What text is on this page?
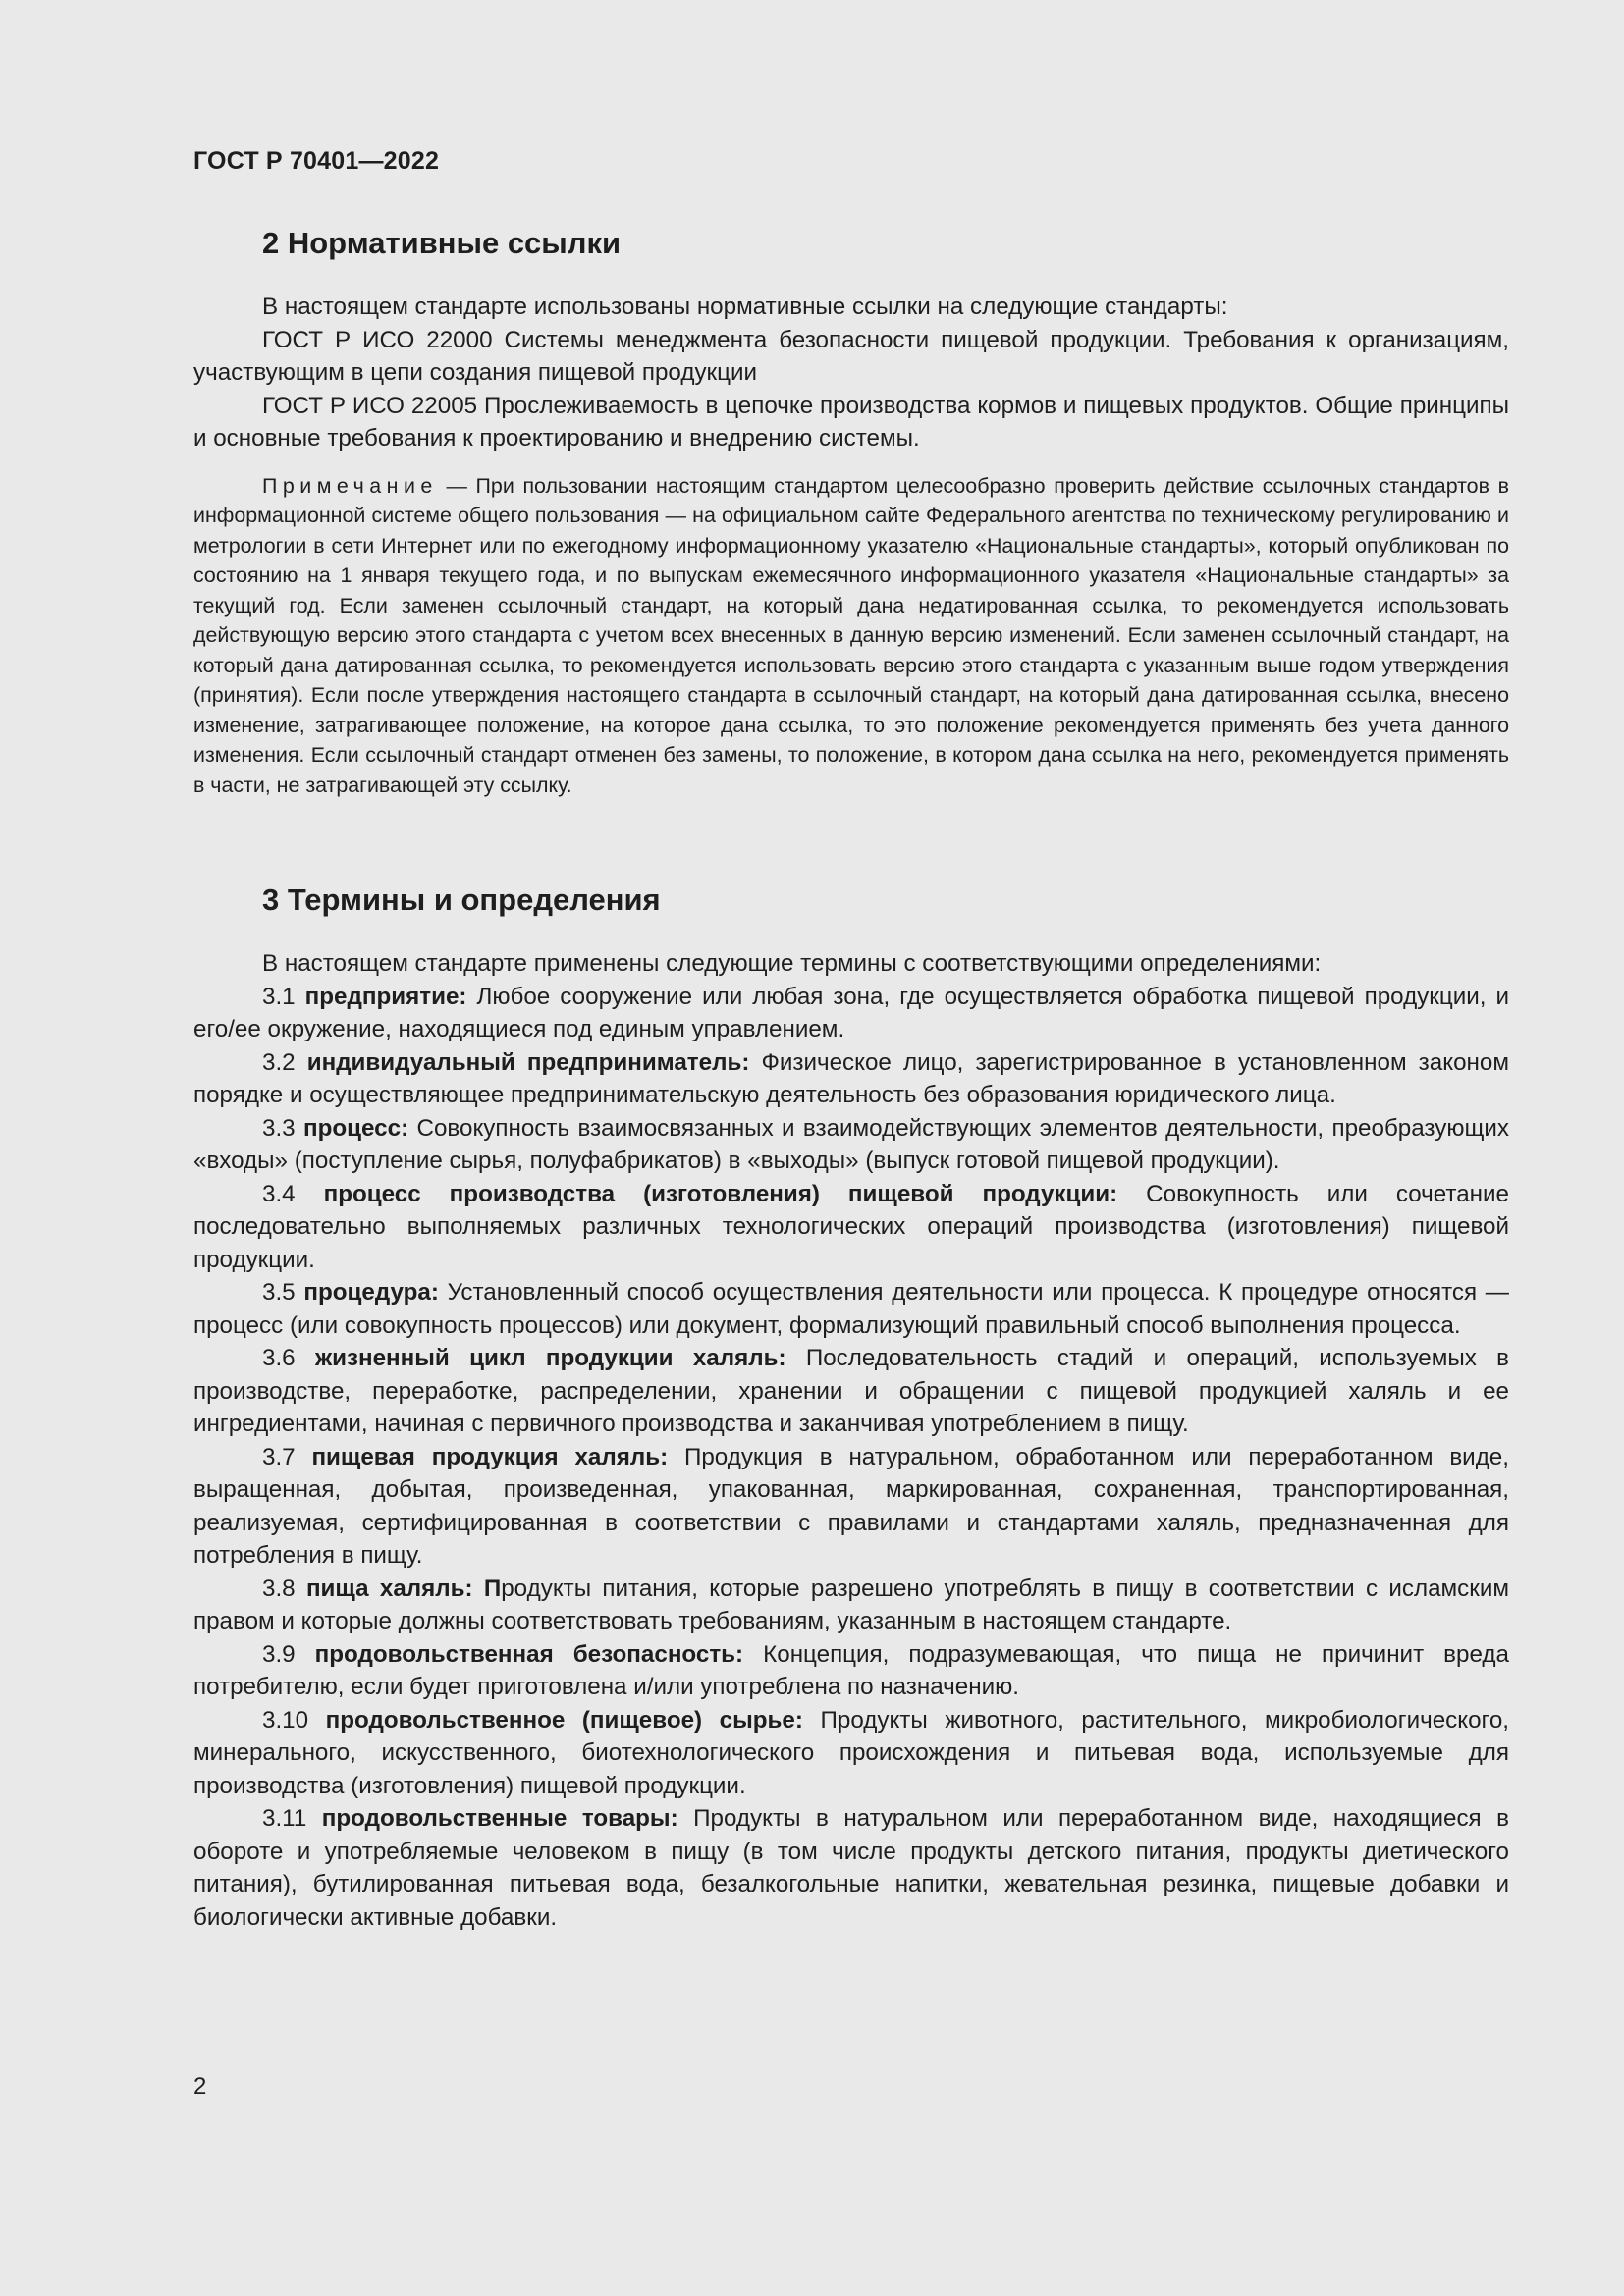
ГОСТ Р 70401—2022
2 Нормативные ссылки

В настоящем стандарте использованы нормативные ссылки на следующие стандарты:

ГОСТ Р ИСО 22000 Системы менеджмента безопасности пищевой продукции. Требования к организациям, участвующим в цепи создания пищевой продукции

ГОСТ Р ИСО 22005 Прослеживаемость в цепочке производства кормов и пищевых продуктов. Общие принципы и основные требования к проектированию и внедрению системы.

Примечание — При пользовании настоящим стандартом целесообразно проверить действие ссылочных стандартов в информационной системе общего пользования — на официальном сайте Федерального агентства по техническому регулированию и метрологии в сети Интернет или по ежегодному информационному указателю «Национальные стандарты», который опубликован по состоянию на 1 января текущего года, и по выпускам ежемесячного информационного указателя «Национальные стандарты» за текущий год. Если заменен ссылочный стандарт, на который дана недатированная ссылка, то рекомендуется использовать действующую версию этого стандарта с учетом всех внесенных в данную версию изменений. Если заменен ссылочный стандарт, на который дана датированная ссылка, то рекомендуется использовать версию этого стандарта с указанным выше годом утверждения (принятия). Если после утверждения настоящего стандарта в ссылочный стандарт, на который дана датированная ссылка, внесено изменение, затрагивающее положение, на которое дана ссылка, то это положение рекомендуется применять без учета данного изменения. Если ссылочный стандарт отменен без замены, то положение, в котором дана ссылка на него, рекомендуется применять в части, не затрагивающей эту ссылку.

3 Термины и определения

В настоящем стандарте применены следующие термины с соответствующими определениями:

3.1 предприятие: Любое сооружение или любая зона, где осуществляется обработка пищевой продукции, и его/ее окружение, находящиеся под единым управлением.

3.2 индивидуальный предприниматель: Физическое лицо, зарегистрированное в установленном законом порядке и осуществляющее предпринимательскую деятельность без образования юридического лица.

3.3 процесс: Совокупность взаимосвязанных и взаимодействующих элементов деятельности, преобразующих «входы» (поступление сырья, полуфабрикатов) в «выходы» (выпуск готовой пищевой продукции).

3.4 процесс производства (изготовления) пищевой продукции: Совокупность или сочетание последовательно выполняемых различных технологических операций производства (изготовления) пищевой продукции.

3.5 процедура: Установленный способ осуществления деятельности или процесса. К процедуре относятся — процесс (или совокупность процессов) или документ, формализующий правильный способ выполнения процесса.

3.6 жизненный цикл продукции халяль: Последовательность стадий и операций, используемых в производстве, переработке, распределении, хранении и обращении с пищевой продукцией халяль и ее ингредиентами, начиная с первичного производства и заканчивая употреблением в пищу.

3.7 пищевая продукция халяль: Продукция в натуральном, обработанном или переработанном виде, выращенная, добытая, произведенная, упакованная, маркированная, сохраненная, транспортированная, реализуемая, сертифицированная в соответствии с правилами и стандартами халяль, предназначенная для потребления в пищу.

3.8 пища халяль: Продукты питания, которые разрешено употреблять в пищу в соответствии с исламским правом и которые должны соответствовать требованиям, указанным в настоящем стандарте.

3.9 продовольственная безопасность: Концепция, подразумевающая, что пища не причинит вреда потребителю, если будет приготовлена и/или употреблена по назначению.

3.10 продовольственное (пищевое) сырье: Продукты животного, растительного, микробиологического, минерального, искусственного, биотехнологического происхождения и питьевая вода, используемые для производства (изготовления) пищевой продукции.

3.11 продовольственные товары: Продукты в натуральном или переработанном виде, находящиеся в обороте и употребляемые человеком в пищу (в том числе продукты детского питания, продукты диетического питания), бутилированная питьевая вода, безалкогольные напитки, жевательная резинка, пищевые добавки и биологически активные добавки.

2
